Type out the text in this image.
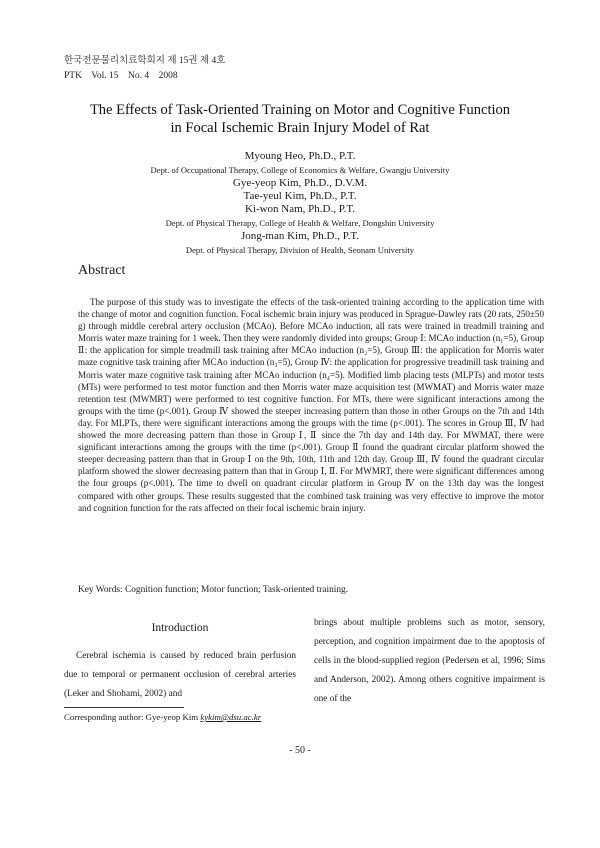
한국전문물리치료학회지 제 15권 제 4호
PTK    Vol. 15    No. 4    2008
The Effects of Task-Oriented Training on Motor and Cognitive Function
in Focal Ischemic Brain Injury Model of Rat
Myoung Heo, Ph.D., P.T.
Dept. of Occupational Therapy, College of Economics & Welfare, Gwangju University
Gye-yeop Kim, Ph.D., D.V.M.
Tae-yeul Kim, Ph.D., P.T.
Ki-won Nam, Ph.D., P.T.
Dept. of Physical Therapy, College of Health & Welfare, Dongshin University
Jong-man Kim, Ph.D., P.T.
Dept. of Physical Therapy, Division of Health, Seonam University
Abstract

The purpose of this study was to investigate the effects of the task-oriented training according to the application time with the change of motor and cognition function. Focal ischemic brain injury was produced in Sprague-Dawley rats (20 rats, 250±50 g) through middle cerebral artery occlusion (MCAo). Before MCAo induction, all rats were trained in treadmill training and Morris water maze training for 1 week. Then they were randomly divided into groups; Group Ⅰ: MCAo induction (n₁=5), Group Ⅱ: the application for simple treadmill task training after MCAo induction (n₂=5), Group Ⅲ: the application for Morris water maze cognitive task training after MCAo induction (n₃=5), Group Ⅳ: the application for progressive treadmill task training and Morris water maze cognitive task training after MCAo induction (n₄=5). Modified limb placing tests (MLPTs) and motor tests (MTs) were performed to test motor function and then Morris water maze acquisition test (MWMAT) and Morris water maze retention test (MWMRT) were performed to test cognitive function. For MTs, there were significant interactions among the groups with the time (p<.001). Group Ⅳ showed the steeper increasing pattern than those in other Groups on the 7th and 14th day. For MLPTs, there were significant interactions among the groups with the time (p<.001). The scores in Group Ⅲ, Ⅳ had showed the more decreasing pattern than those in Group Ⅰ, Ⅱ since the 7th day and 14th day. For MWMAT, there were significant interactions among the groups with the time (p<.001). Group Ⅱ found the quadrant circular platform showed the steeper decreasing pattern than that in Group Ⅰ on the 9th, 10th, 11th and 12th day. Group Ⅲ, Ⅳ found the quadrant circular platform showed the slower decreasing pattern than that in Group Ⅰ, Ⅱ. For MWMRT, there were significant differences among the four groups (p<.001). The time to dwell on quadrant circular platform in Group Ⅳ on the 13th day was the longest compared with other groups. These results suggested that the combined task training was very effective to improve the motor and cognition function for the rats affected on their focal ischemic brain injury.

Key Words: Cognition function; Motor function; Task-oriented training.
Introduction

Cerebral ischemia is caused by reduced brain perfusion due to temporal or permanent occlusion of cerebral arteries (Leker and Shohami, 2002) and

brings about multiple problems such as motor, sensory, perception, and cognition impairment due to the apoptosis of cells in the blood-supplied region (Pedersen et al, 1996; Sims and Anderson, 2002). Among others cognitive impairment is one of the

Corresponding author: Gye-yeop Kim kykim@dsu.ac.kr
- 50 -
